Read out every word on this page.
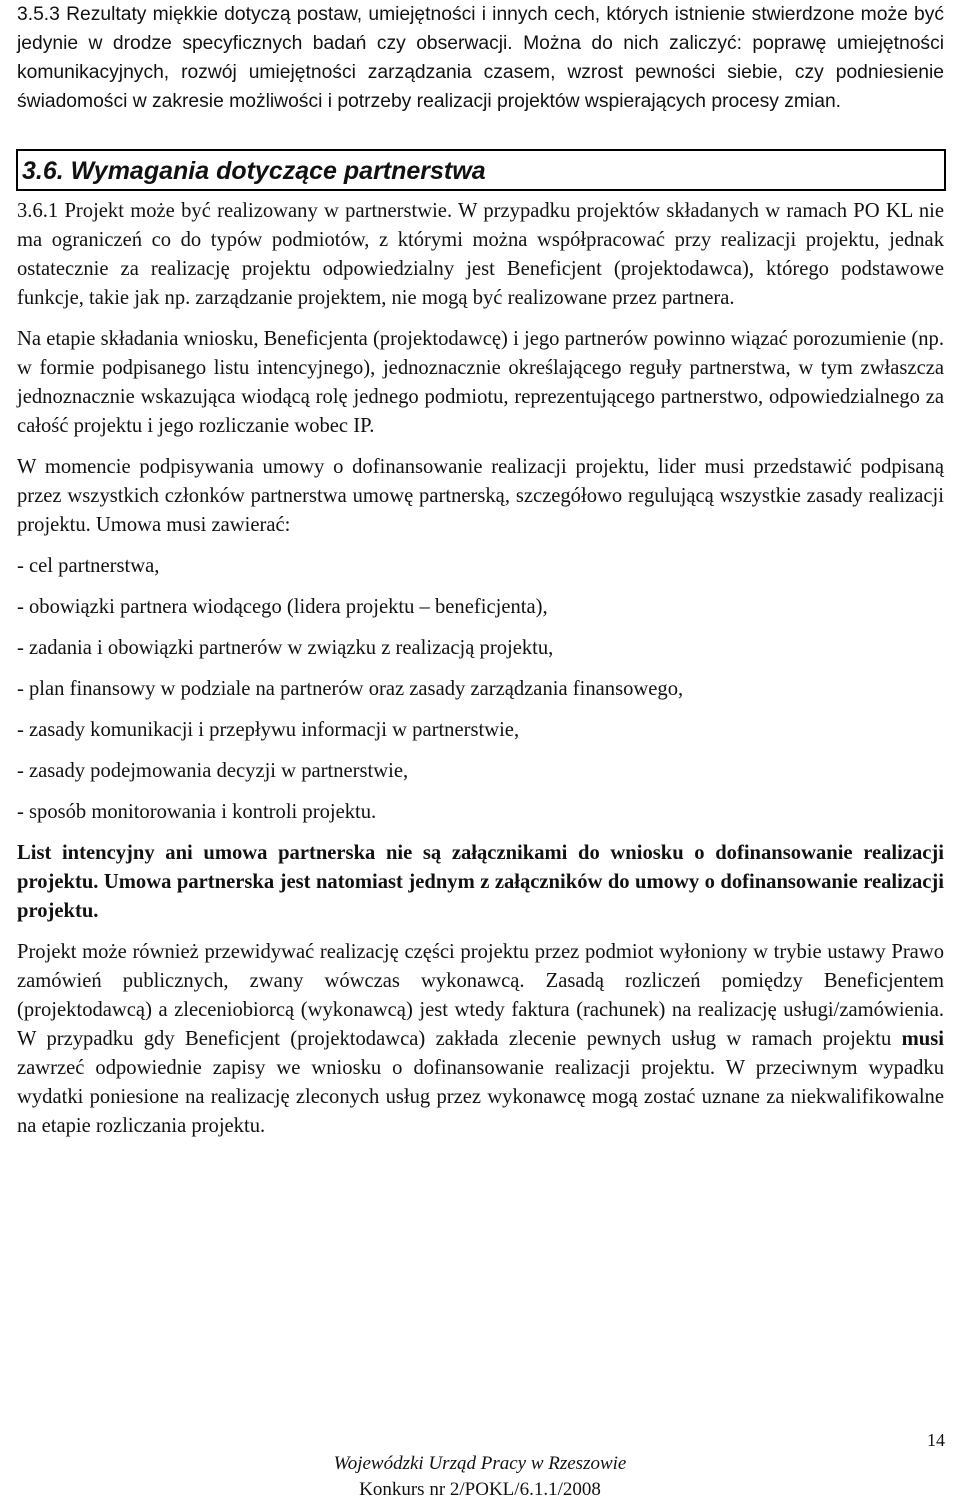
3.5.3 Rezultaty miękkie dotyczą postaw, umiejętności i innych cech, których istnienie stwierdzone może być jedynie w drodze specyficznych badań czy obserwacji. Można do nich zaliczyć: poprawę umiejętności komunikacyjnych, rozwój umiejętności zarządzania czasem, wzrost pewności siebie, czy podniesienie świadomości w zakresie możliwości i potrzeby realizacji projektów wspierających procesy zmian.

3.6. Wymagania dotyczące partnerstwa

3.6.1 Projekt może być realizowany w partnerstwie. W przypadku projektów składanych w ramach PO KL nie ma ograniczeń co do typów podmiotów, z którymi można współpracować przy realizacji projektu, jednak ostatecznie za realizację projektu odpowiedzialny jest Beneficjent (projektodawca), którego podstawowe funkcje, takie jak np. zarządzanie projektem, nie mogą być realizowane przez partnera.

Na etapie składania wniosku, Beneficjenta (projektodawcę) i jego partnerów powinno wiązać porozumienie (np. w formie podpisanego listu intencyjnego), jednoznacznie określającego reguły partnerstwa, w tym zwłaszcza jednoznacznie wskazująca wiodącą rolę jednego podmiotu, reprezentującego partnerstwo, odpowiedzialnego za całość projektu i jego rozliczanie wobec IP.

W momencie podpisywania umowy o dofinansowanie realizacji projektu, lider musi przedstawić podpisaną przez wszystkich członków partnerstwa umowę partnerską, szczegółowo regulującą wszystkie zasady realizacji projektu. Umowa musi zawierać:

- cel partnerstwa,

- obowiązki partnera wiodącego (lidera projektu – beneficjenta),

- zadania i obowiązki partnerów w związku z realizacją projektu,

- plan finansowy w podziale na partnerów oraz zasady zarządzania finansowego,

- zasady komunikacji i przepływu informacji w partnerstwie,

- zasady podejmowania decyzji w partnerstwie,

- sposób monitorowania i kontroli projektu.

List intencyjny ani umowa partnerska nie są załącznikami do wniosku o dofinansowanie realizacji projektu. Umowa partnerska jest natomiast jednym z załączników do umowy o dofinansowanie realizacji projektu.

Projekt może również przewidywać realizację części projektu przez podmiot wyłoniony w trybie ustawy Prawo zamówień publicznych, zwany wówczas wykonawcą. Zasadą rozliczeń pomiędzy Beneficjentem (projektodawcą) a zleceniobiorcą (wykonawcą) jest wtedy faktura (rachunek) na realizację usługi/zamówienia. W przypadku gdy Beneficjent (projektodawca) zakłada zlecenie pewnych usług w ramach projektu musi zawrzeć odpowiednie zapisy we wniosku o dofinansowanie realizacji projektu. W przeciwnym wypadku wydatki poniesione na realizację zleconych usług przez wykonawcę mogą zostać uznane za niekwalifikowalne na etapie rozliczania projektu.

14
Wojewódzki Urząd Pracy w Rzeszowie
Konkurs nr 2/POKL/6.1.1/2008
